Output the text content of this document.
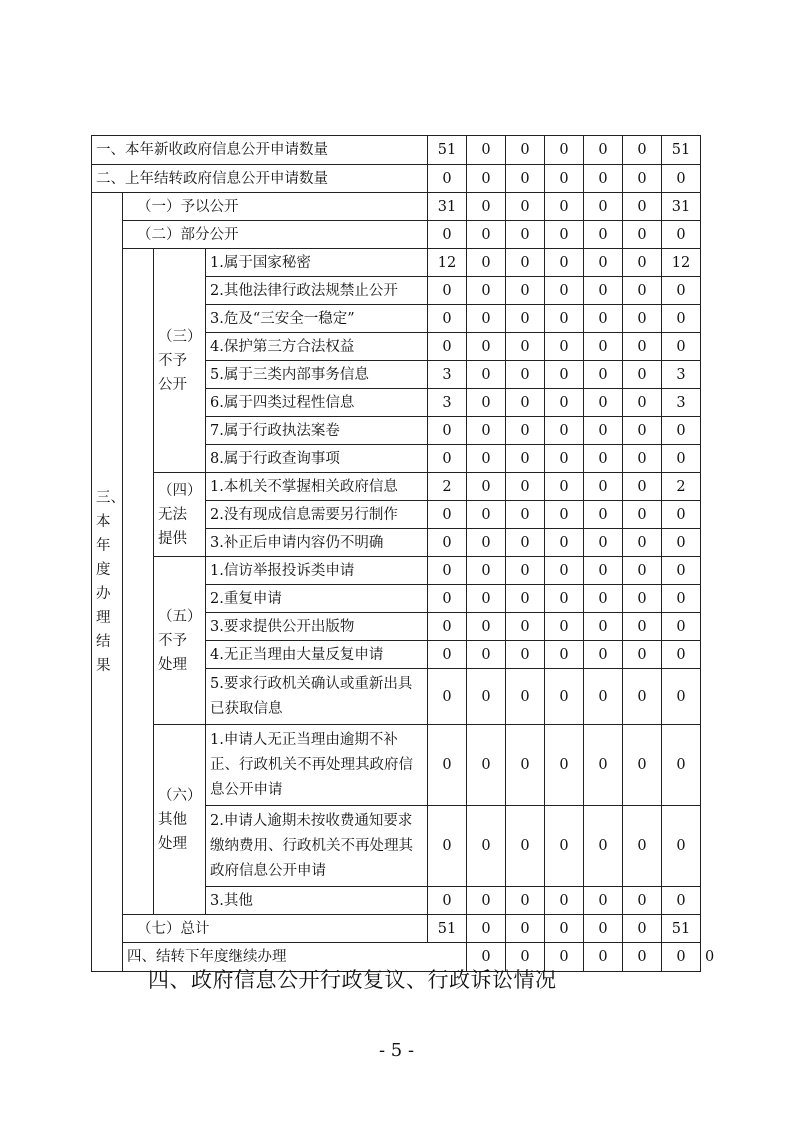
一、本年新收政府信息公开申请数量				51	0	0	0	0	0	51	
二、上年结转政府信息公开申请数量				0	0	0	0	0	0	0	
三、本年度办理结果	（一）予以公开			31	0	0	0	0	0	31	
	（二）部分公开			0	0	0	0	0	0	0	
		（三）不予公开	1.属于国家秘密	12	0	0	0	0	0	12	
			2.其他法律行政法规禁止公开	0	0	0	0	0	0	0	
			3.危及“三安全一稳定”	0	0	0	0	0	0	0	
			4.保护第三方合法权益	0	0	0	0	0	0	0	
			5.属于三类内部事务信息	3	0	0	0	0	0	3	
			6.属于四类过程性信息	3	0	0	0	0	0	3	
			7.属于行政执法案卷	0	0	0	0	0	0	0	
			8.属于行政查询事项	0	0	0	0	0	0	0	
		（四）无法提供	1.本机关不掌握相关政府信息	2	0	0	0	0	0	2	
			2.没有现成信息需要另行制作	0	0	0	0	0	0	0	
			3.补正后申请内容仍不明确	0	0	0	0	0	0	0	
		（五）不予处理	1.信访举报投诉类申请	0	0	0	0	0	0	0	
			2.重复申请	0	0	0	0	0	0	0	
			3.要求提供公开出版物	0	0	0	0	0	0	0	
			4.无正当理由大量反复申请	0	0	0	0	0	0	0	
			5.要求行政机关确认或重新出具已获取信息	0	0	0	0	0	0	0	
		（六）其他处理	1.申请人无正当理由逾期不补正、行政机关不再处理其政府信息公开申请	0	0	0	0	0	0	0	
			2.申请人逾期未按收费通知要求缴纳费用、行政机关不再处理其政府信息公开申请	0	0	0	0	0	0	0	
			3.其他	0	0	0	0	0	0	0	
	（七）总计			51	0	0	0	0	0	51	
	四、结转下年度继续办理				0	0	0	0	0	0	0
四、政府信息公开行政复议、行政诉讼情况
- 5 -
